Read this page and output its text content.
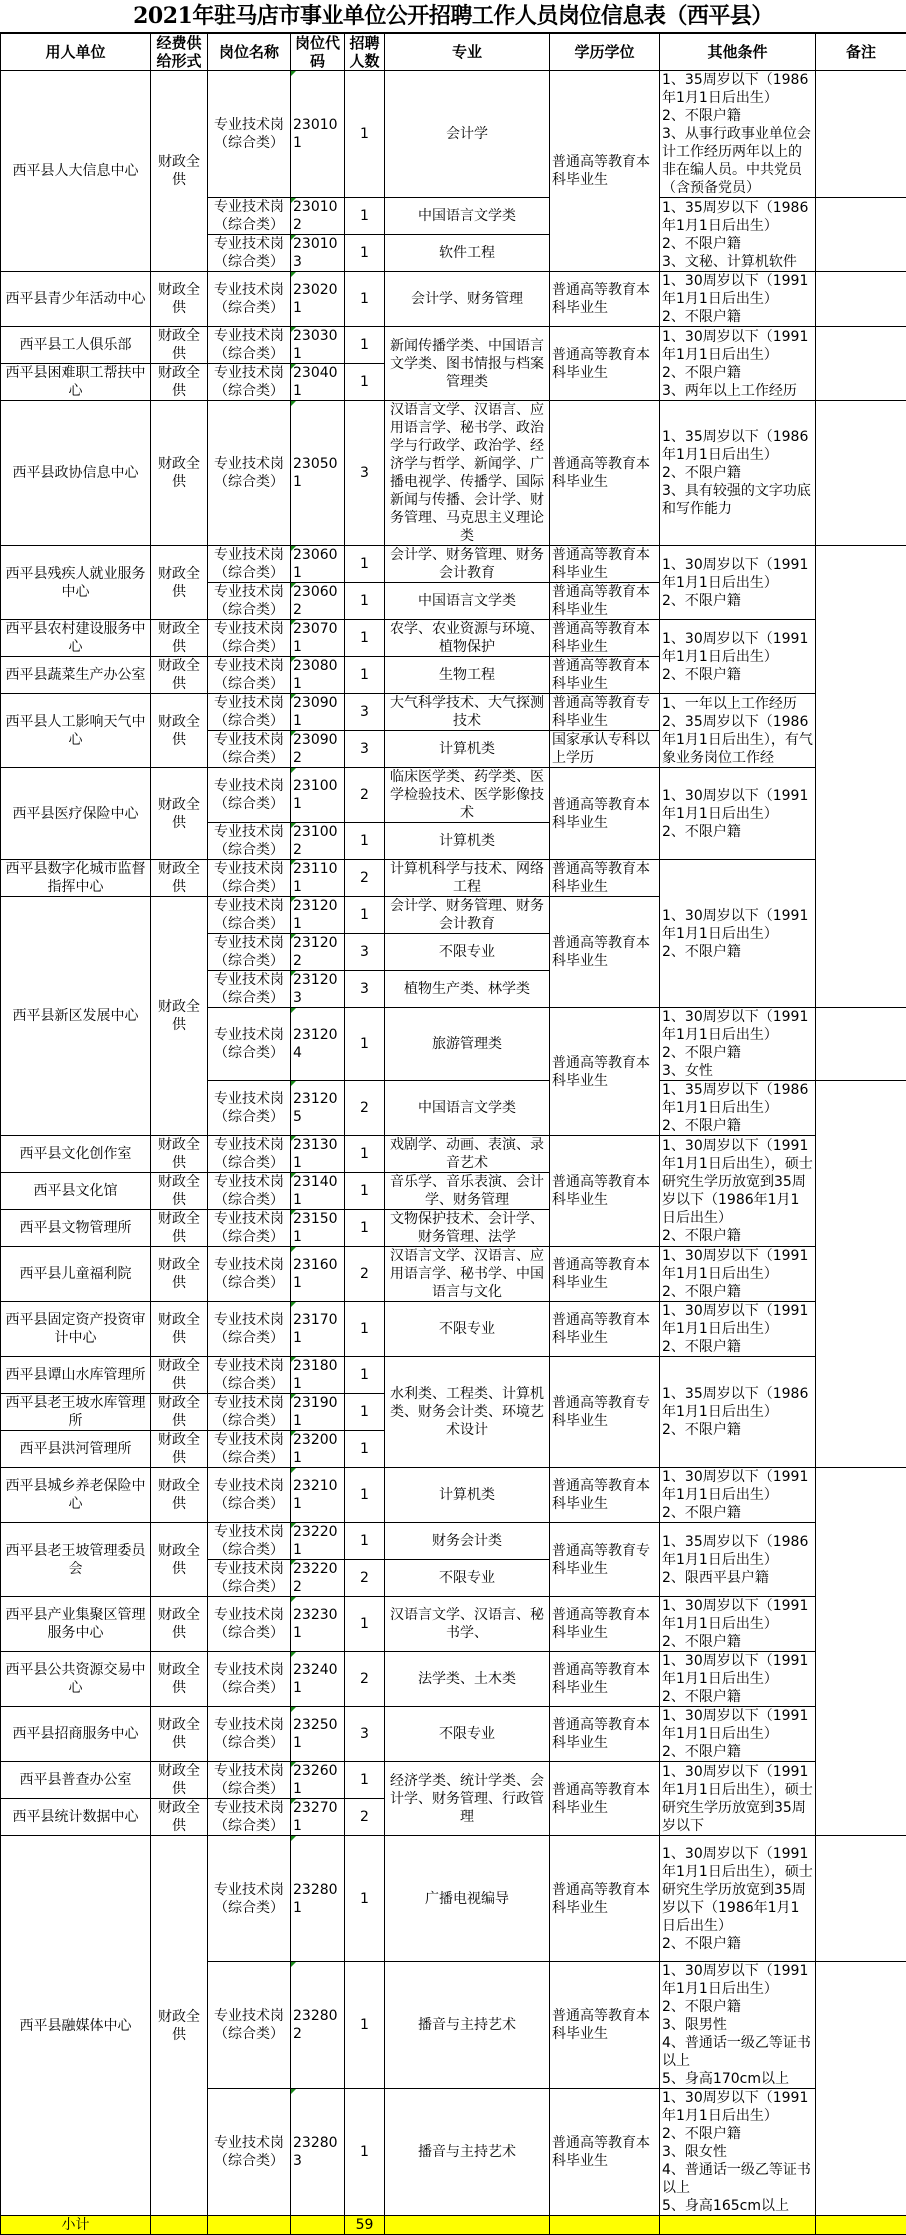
2021年驻马店市事业单位公开招聘工作人员岗位信息表（西平县）
用人单位	经费供给形式	岗位名称	岗位代码	招聘人数	专业	学历学位	其他条件	备注
西平县人大信息中心	财政全供	专业技术岗（综合类）	230101	1	会计学	普通高等教育本科毕业生	1、35周岁以下（1986年1月1日后出生）
2、不限户籍
3、从事行政事业单位会计工作经历两年以上的非在编人员。中共党员（含预备党员）	
		专业技术岗（综合类）	230102	1	中国语言文学类		1、35周岁以下（1986年1月1日后出生）
2、不限户籍
3、文秘、计算机软件	
		专业技术岗（综合类）	230103	1	软件工程			
西平县青少年活动中心	财政全供	专业技术岗（综合类）	230201	1	会计学、财务管理	普通高等教育本科毕业生	1、30周岁以下（1991年1月1日后出生）
2、不限户籍	
西平县工人俱乐部	财政全供	专业技术岗（综合类）	230301	1	新闻传播学类、中国语言文学类、图书情报与档案管理类	普通高等教育本科毕业生	1、30周岁以下（1991年1月1日后出生）
2、不限户籍
3、两年以上工作经历	
西平县困难职工帮扶中心	财政全供	专业技术岗（综合类）	230401	1				
西平县政协信息中心	财政全供	专业技术岗（综合类）	230501	3	汉语言文学、汉语言、应用语言学、秘书学、政治学与行政学、政治学、经济学与哲学、新闻学、广播电视学、传播学、国际新闻与传播、会计学、财务管理、马克思主义理论类	普通高等教育本科毕业生	1、35周岁以下（1986年1月1日后出生）
2、不限户籍
3、具有较强的文字功底和写作能力	
西平县残疾人就业服务中心	财政全供	专业技术岗（综合类）	230601	1	会计学、财务管理、财务会计教育	普通高等教育本科毕业生	1、30周岁以下（1991年1月1日后出生）
2、不限户籍	
		专业技术岗（综合类）	230602	1	中国语言文学类	普通高等教育本科毕业生		
西平县农村建设服务中心	财政全供	专业技术岗（综合类）	230701	1	农学、农业资源与环境、植物保护	普通高等教育本科毕业生	1、30周岁以下（1991年1月1日后出生）
2、不限户籍	
西平县蔬菜生产办公室	财政全供	专业技术岗（综合类）	230801	1	生物工程	普通高等教育本科毕业生		
西平县人工影响天气中心	财政全供	专业技术岗（综合类）	230901	3	大气科学技术、大气探测技术	普通高等教育专科毕业生	1、一年以上工作经历
2、35周岁以下（1986年1月1日后出生），有气象业务岗位工作经	
		专业技术岗（综合类）	230902	3	计算机类	国家承认专科以上学历		
西平县医疗保险中心	财政全供	专业技术岗（综合类）	231001	2	临床医学类、药学类、医学检验技术、医学影像技术	普通高等教育本科毕业生	1、30周岁以下（1991年1月1日后出生）
2、不限户籍	
		专业技术岗（综合类）	231002	1	计算机类			
西平县数字化城市监督指挥中心	财政全供	专业技术岗（综合类）	231101	2	计算机科学与技术、网络工程	普通高等教育本科毕业生	1、30周岁以下（1991年1月1日后出生）
2、不限户籍	
西平县新区发展中心	财政全供	专业技术岗（综合类）	231201	1	会计学、财务管理、财务会计教育	普通高等教育本科毕业生		
		专业技术岗（综合类）	231202	3	不限专业			
		专业技术岗（综合类）	231203	3	植物生产类、林学类			
		专业技术岗（综合类）	231204	1	旅游管理类	普通高等教育本科毕业生	1、30周岁以下（1991年1月1日后出生）
2、不限户籍
3、女性	
		专业技术岗（综合类）	231205	2	中国语言文学类		1、35周岁以下（1986年1月1日后出生）
2、不限户籍	
西平县文化创作室	财政全供	专业技术岗（综合类）	231301	1	戏剧学、动画、表演、录音艺术	普通高等教育本科毕业生	1、30周岁以下（1991年1月1日后出生），硕士研究生学历放宽到35周岁以下（1986年1月1日后出生）
2、不限户籍	
西平县文化馆	财政全供	专业技术岗（综合类）	231401	1	音乐学、音乐表演、会计学、财务管理			
西平县文物管理所	财政全供	专业技术岗（综合类）	231501	1	文物保护技术、会计学、财务管理、法学			
西平县儿童福利院	财政全供	专业技术岗（综合类）	231601	2	汉语言文学、汉语言、应用语言学、秘书学、中国语言与文化	普通高等教育本科毕业生	1、30周岁以下（1991年1月1日后出生）
2、不限户籍	
西平县固定资产投资审计中心	财政全供	专业技术岗（综合类）	231701	1	不限专业	普通高等教育本科毕业生	1、30周岁以下（1991年1月1日后出生）
2、不限户籍	
西平县谭山水库管理所	财政全供	专业技术岗（综合类）	231801	1	水利类、工程类、计算机类、财务会计类、环境艺术设计	普通高等教育专科毕业生	1、35周岁以下（1986年1月1日后出生）
2、不限户籍	
西平县老王坡水库管理所	财政全供	专业技术岗（综合类）	231901	1				
西平县洪河管理所	财政全供	专业技术岗（综合类）	232001	1				
西平县城乡养老保险中心	财政全供	专业技术岗（综合类）	232101	1	计算机类	普通高等教育本科毕业生	1、30周岁以下（1991年1月1日后出生）
2、不限户籍	
西平县老王坡管理委员会	财政全供	专业技术岗（综合类）	232201	1	财务会计类	普通高等教育专科毕业生	1、35周岁以下（1986年1月1日后出生）
2、限西平县户籍	
		专业技术岗（综合类）	232202	2	不限专业			
西平县产业集聚区管理服务中心	财政全供	专业技术岗（综合类）	232301	1	汉语言文学、汉语言、秘书学、	普通高等教育本科毕业生	1、30周岁以下（1991年1月1日后出生）
2、不限户籍	
西平县公共资源交易中心	财政全供	专业技术岗（综合类）	232401	2	法学类、土木类	普通高等教育本科毕业生	1、30周岁以下（1991年1月1日后出生）
2、不限户籍	
西平县招商服务中心	财政全供	专业技术岗（综合类）	232501	3	不限专业	普通高等教育本科毕业生	1、30周岁以下（1991年1月1日后出生）
2、不限户籍	
西平县普查办公室	财政全供	专业技术岗（综合类）	232601	1	经济学类、统计学类、会计学、财务管理、行政管理	普通高等教育本科毕业生	1、30周岁以下（1991年1月1日后出生），硕士研究生学历放宽到35周岁以下	
西平县统计数据中心	财政全供	专业技术岗（综合类）	232701	2				
西平县融媒体中心	财政全供	专业技术岗（综合类）	232801	1	广播电视编导	普通高等教育本科毕业生	1、30周岁以下（1991年1月1日后出生），硕士研究生学历放宽到35周岁以下（1986年1月1日后出生）
2、不限户籍	
		专业技术岗（综合类）	232802	1	播音与主持艺术	普通高等教育本科毕业生	1、30周岁以下（1991年1月1日后出生）
2、不限户籍
3、限男性
4、普通话一级乙等证书以上
5、身高170cm以上	
		专业技术岗（综合类）	232803	1	播音与主持艺术	普通高等教育本科毕业生	1、30周岁以下（1991年1月1日后出生）
2、不限户籍
3、限女性
4、普通话一级乙等证书以上
5、身高165cm以上	
小计				59				
